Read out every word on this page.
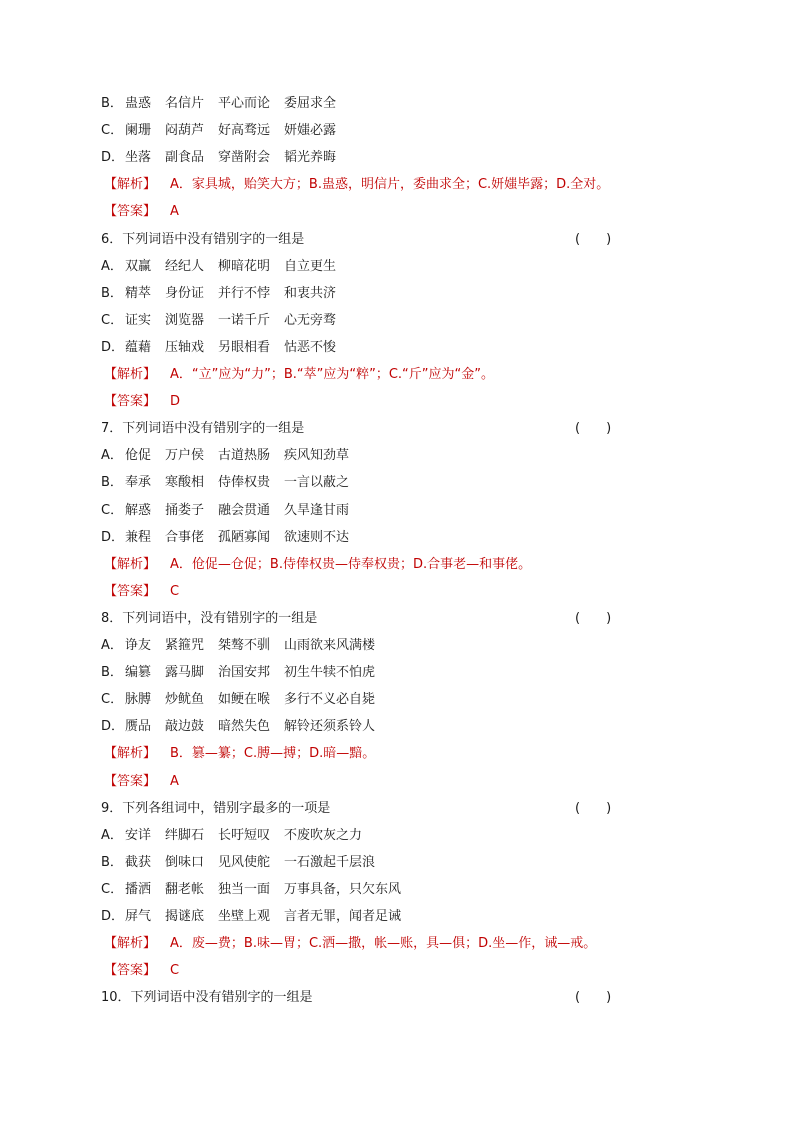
B． 蛊惑 名信片 平心而论 委屈求全
C． 阑珊 闷葫芦 好高骛远 妍媸必露
D．坐落 副食品 穿凿附会 韬光养晦
【解析】 A．家具城，贻笑大方；B.蛊惑，明信片，委曲求全；C.妍媸毕露；D.全对。
【答案】 A
6．下列词语中没有错别字的一组是	(　　)
A． 双赢 经纪人 柳暗花明 自立更生
B． 精萃 身份证 并行不悖 和衷共济
C． 证实 浏览器 一诺千斤 心无旁骛
D．蕴藉 压轴戏 另眼相看 怙恶不悛
【解析】 A．“立”应为“力”；B.“萃”应为“粹”；C.“斤”应为“金”。
【答案】 D
7．下列词语中没有错别字的一组是	(　　)
A． 伧促 万户侯 古道热肠 疾风知劲草
B． 奉承 寒酸相 侍俸权贵 一言以蔽之
C． 解惑 捅娄子 融会贯通 久旱逢甘雨
D．兼程 合事佬 孤陋寡闻 欲速则不达
【解析】 A．伧促—仓促；B.侍俸权贵—侍奉权贵；D.合事老—和事佬。
【答案】 C
8．下列词语中，没有错别字的一组是	(　　)
A． 诤友 紧箍咒 桀骜不驯 山雨欲来风满楼
B． 编篡 露马脚 治国安邦 初生牛犊不怕虎
C． 脉膊 炒鱿鱼 如鲠在喉 多行不义必自毙
D．赝品 敲边鼓 暗然失色 解铃还须系铃人
【解析】 B．篡—纂；C.膊—搏；D.暗—黯。
【答案】 A
9．下列各组词中，错别字最多的一项是	(　　)
A． 安详 绊脚石 长吁短叹 不废吹灰之力
B． 截获 倒味口 见风使舵 一石激起千层浪
C． 播洒 翻老帐 独当一面 万事具备，只欠东风
D．屏气 揭谜底 坐壁上观 言者无罪，闻者足诫
【解析】 A．废—费；B.味—胃；C.洒—撒，帐—账，具—俱；D.坐—作，诫—戒。
【答案】 C
10．下列词语中没有错别字的一组是	(　　)
